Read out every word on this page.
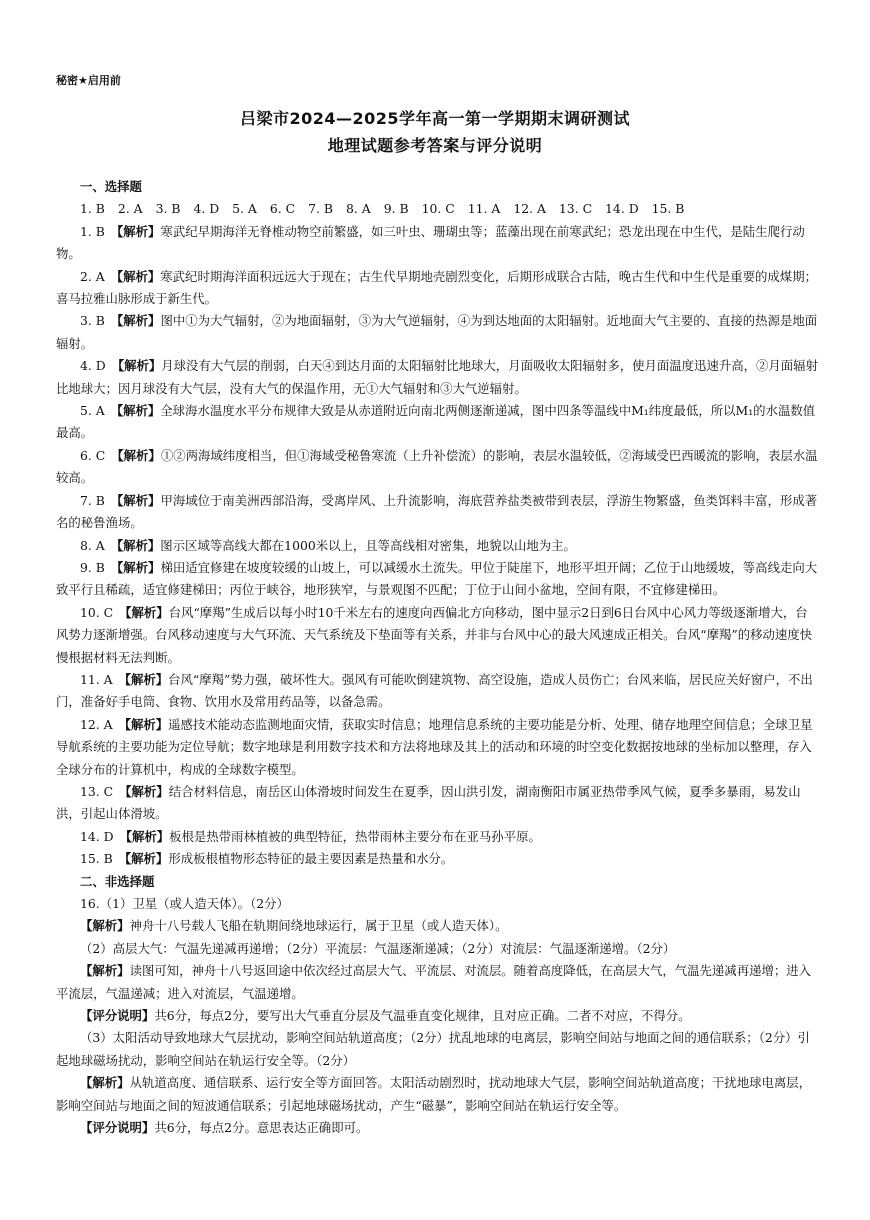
秘密★启用前
吕梁市2024—2025学年高一第一学期期末调研测试
地理试题参考答案与评分说明

一、选择题

1. B 2. A 3. B 4. D 5. A 6. C 7. B 8. A 9. B 10. C 11. A 12. A 13. C 14. D 15. B

1. B 【解析】寒武纪早期海洋无脊椎动物空前繁盛，如三叶虫、珊瑚虫等；蓝藻出现在前寒武纪；恐龙出现在中生代，是陆生爬行动物。

2. A 【解析】寒武纪时期海洋面积远远大于现在；古生代早期地壳剧烈变化，后期形成联合古陆，晚古生代和中生代是重要的成煤期；喜马拉雅山脉形成于新生代。

3. B 【解析】图中①为大气辐射，②为地面辐射，③为大气逆辐射，④为到达地面的太阳辐射。近地面大气主要的、直接的热源是地面辐射。

4. D 【解析】月球没有大气层的削弱，白天④到达月面的太阳辐射比地球大，月面吸收太阳辐射多，使月面温度迅速升高，②月面辐射比地球大；因月球没有大气层，没有大气的保温作用，无①大气辐射和③大气逆辐射。

5. A 【解析】全球海水温度水平分布规律大致是从赤道附近向南北两侧逐渐递减，图中四条等温线中M₁纬度最低，所以M₁的水温数值最高。

6. C 【解析】①②两海域纬度相当，但①海域受秘鲁寒流（上升补偿流）的影响，表层水温较低，②海域受巴西暖流的影响，表层水温较高。

7. B 【解析】甲海域位于南美洲西部沿海，受离岸风、上升流影响，海底营养盐类被带到表层，浮游生物繁盛，鱼类饵料丰富，形成著名的秘鲁渔场。

8. A 【解析】图示区域等高线大都在1000米以上，且等高线相对密集，地貌以山地为主。

9. B 【解析】梯田适宜修建在坡度较缓的山坡上，可以减缓水土流失。甲位于陡崖下，地形平坦开阔；乙位于山地缓坡，等高线走向大致平行且稀疏，适宜修建梯田；丙位于峡谷，地形狭窄，与景观图不匹配；丁位于山间小盆地，空间有限，不宜修建梯田。

10. C 【解析】台风“摩羯”生成后以每小时10千米左右的速度向西偏北方向移动，图中显示2日到6日台风中心风力等级逐渐增大，台风势力逐渐增强。台风移动速度与大气环流、天气系统及下垫面等有关系，并非与台风中心的最大风速成正相关。台风“摩羯”的移动速度快慢根据材料无法判断。

11. A 【解析】台风“摩羯”势力强，破坏性大。强风有可能吹倒建筑物、高空设施，造成人员伤亡；台风来临，居民应关好窗户，不出门，准备好手电筒、食物、饮用水及常用药品等，以备急需。

12. A 【解析】遥感技术能动态监测地面灾情，获取实时信息；地理信息系统的主要功能是分析、处理、储存地理空间信息；全球卫星导航系统的主要功能为定位导航；数字地球是利用数字技术和方法将地球及其上的活动和环境的时空变化数据按地球的坐标加以整理，存入全球分布的计算机中，构成的全球数字模型。

13. C 【解析】结合材料信息，南岳区山体滑坡时间发生在夏季，因山洪引发，湖南衡阳市属亚热带季风气候，夏季多暴雨，易发山洪，引起山体滑坡。

14. D 【解析】板根是热带雨林植被的典型特征，热带雨林主要分布在亚马孙平原。

15. B 【解析】形成板根植物形态特征的最主要因素是热量和水分。

二、非选择题

16.（1）卫星（或人造天体）。（2分）

【解析】神舟十八号载人飞船在轨期间绕地球运行，属于卫星（或人造天体）。

（2）高层大气：气温先递减再递增；（2分）平流层：气温逐渐递减；（2分）对流层：气温逐渐递增。（2分）

【解析】读图可知，神舟十八号返回途中依次经过高层大气、平流层、对流层。随着高度降低，在高层大气，气温先递减再递增；进入平流层，气温递减；进入对流层，气温递增。

【评分说明】共6分，每点2分，要写出大气垂直分层及气温垂直变化规律，且对应正确。二者不对应，不得分。

（3）太阳活动导致地球大气层扰动，影响空间站轨道高度；（2分）扰乱地球的电离层，影响空间站与地面之间的通信联系；（2分）引起地球磁场扰动，影响空间站在轨运行安全等。（2分）

【解析】从轨道高度、通信联系、运行安全等方面回答。太阳活动剧烈时，扰动地球大气层，影响空间站轨道高度；干扰地球电离层，影响空间站与地面之间的短波通信联系；引起地球磁场扰动，产生“磁暴”，影响空间站在轨运行安全等。

【评分说明】共6分，每点2分。意思表达正确即可。
